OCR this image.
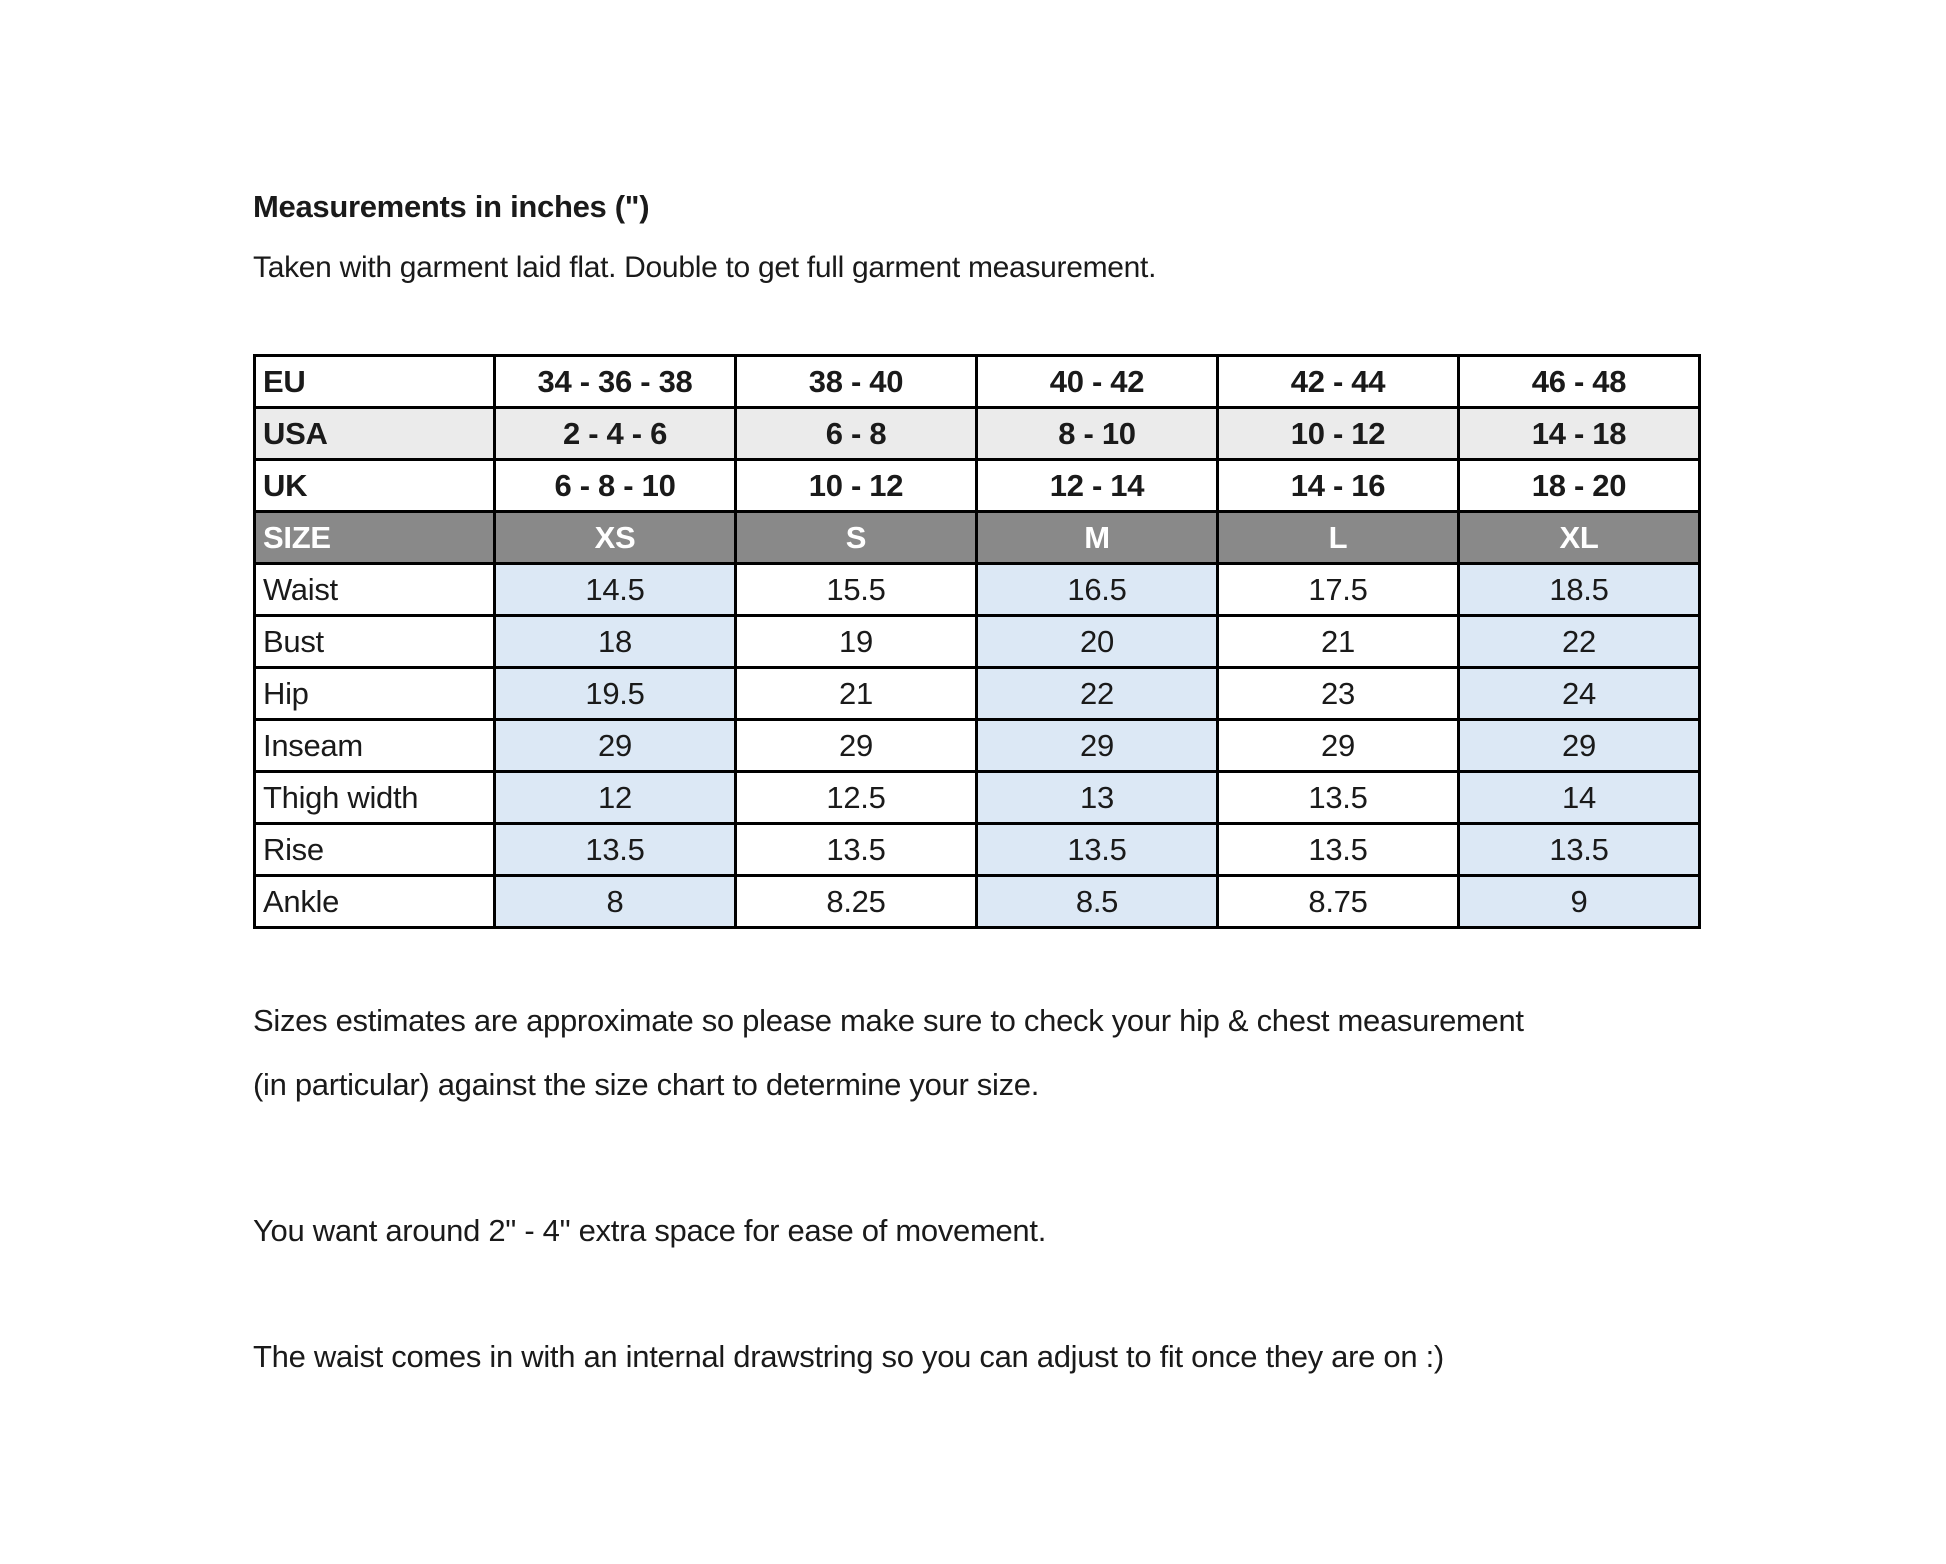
Measurements in inches (")
Taken with garment laid flat. Double to get full garment measurement.
EU	34 - 36 - 38	38 - 40	40 - 42	42 - 44	46 - 48
USA	2 - 4 - 6	6 - 8	8 - 10	10 - 12	14 - 18
UK	6 - 8 - 10	10 - 12	12 - 14	14 - 16	18 - 20
SIZE	XS	S	M	L	XL
Waist	14.5	15.5	16.5	17.5	18.5
Bust	18	19	20	21	22
Hip	19.5	21	22	23	24
Inseam	29	29	29	29	29
Thigh width	12	12.5	13	13.5	14
Rise	13.5	13.5	13.5	13.5	13.5
Ankle	8	8.25	8.5	8.75	9

Sizes estimates are approximate so please make sure to check your hip & chest measurement (in particular) against the size chart to determine your size.

You want around 2" - 4" extra space for ease of movement.

The waist comes in with an internal drawstring so you can adjust to fit once they are on :)
